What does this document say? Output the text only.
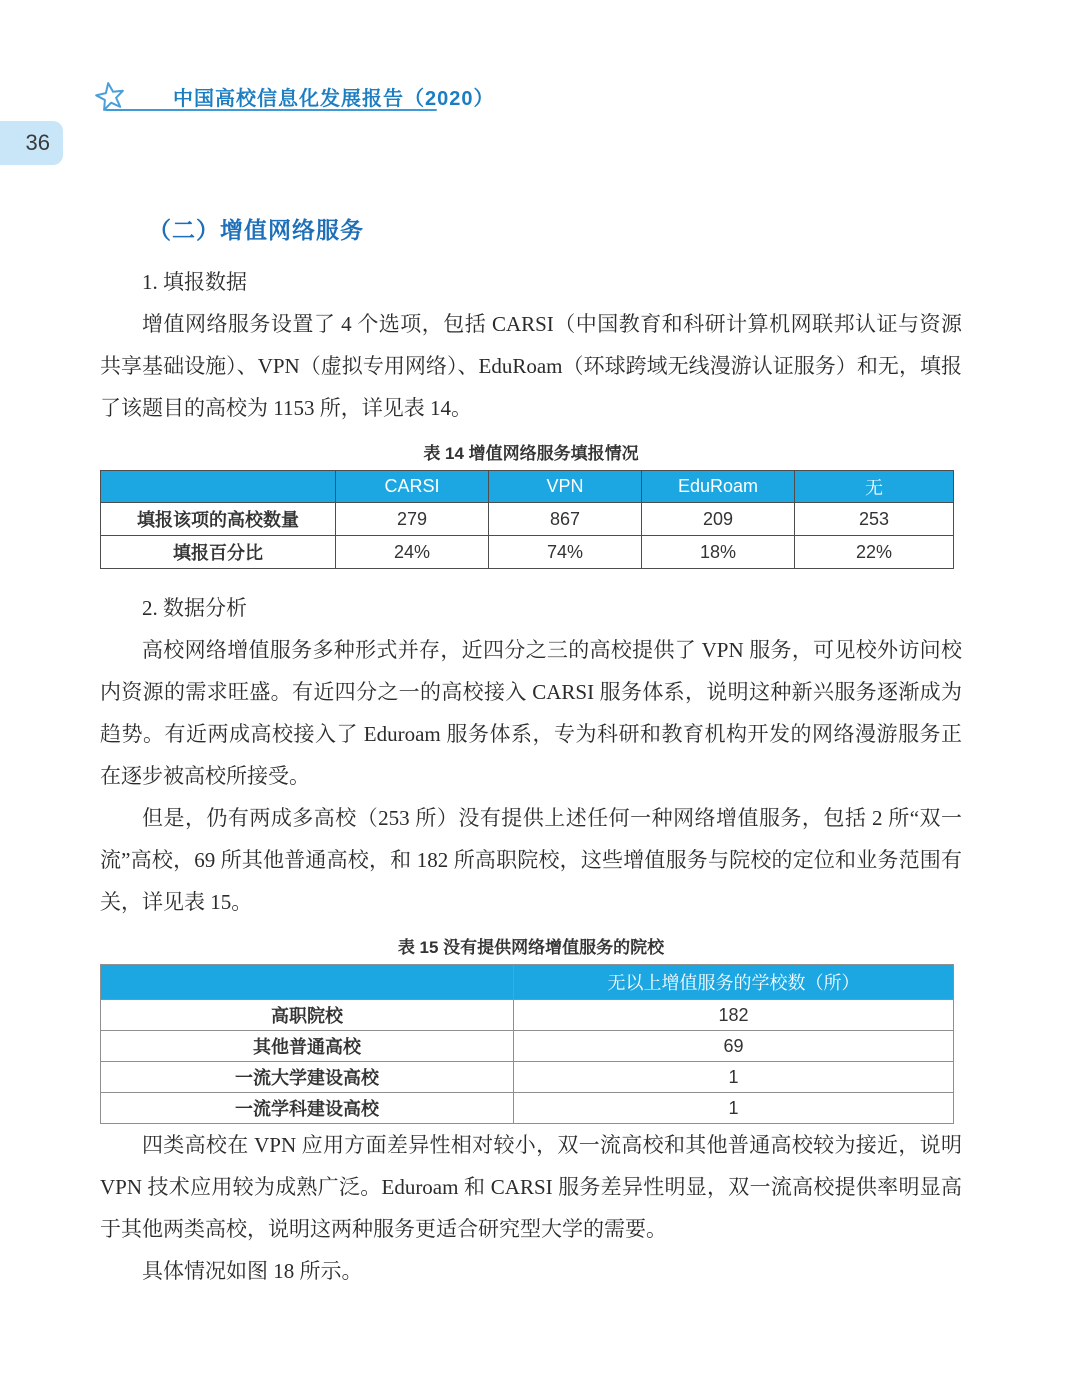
中国高校信息化发展报告（2020）
36
（二）增值网络服务
1. 填报数据

增值网络服务设置了 4 个选项，包括 CARSI（中国教育和科研计算机网联邦认证与资源共享基础设施）、VPN（虚拟专用网络）、EduRoam（环球跨域无线漫游认证服务）和无，填报了该题目的高校为 1153 所，详见表 14。

表 14 增值网络服务填报情况
	CARSI	VPN	EduRoam	无
填报该项的高校数量	279	867	209	253
填报百分比	24%	74%	18%	22%
2. 数据分析

高校网络增值服务多种形式并存，近四分之三的高校提供了 VPN 服务，可见校外访问校内资源的需求旺盛。有近四分之一的高校接入 CARSI 服务体系，说明这种新兴服务逐渐成为趋势。有近两成高校接入了 Eduroam 服务体系，专为科研和教育机构开发的网络漫游服务正在逐步被高校所接受。

但是，仍有两成多高校（253 所）没有提供上述任何一种网络增值服务，包括 2 所“双一流”高校，69 所其他普通高校，和 182 所高职院校，这些增值服务与院校的定位和业务范围有关，详见表 15。

表 15 没有提供网络增值服务的院校
	无以上增值服务的学校数（所）
高职院校	182
其他普通高校	69
一流大学建设高校	1
一流学科建设高校	1

四类高校在 VPN 应用方面差异性相对较小，双一流高校和其他普通高校较为接近，说明 VPN 技术应用较为成熟广泛。Eduroam 和 CARSI 服务差异性明显，双一流高校提供率明显高于其他两类高校，说明这两种服务更适合研究型大学的需要。

具体情况如图 18 所示。
